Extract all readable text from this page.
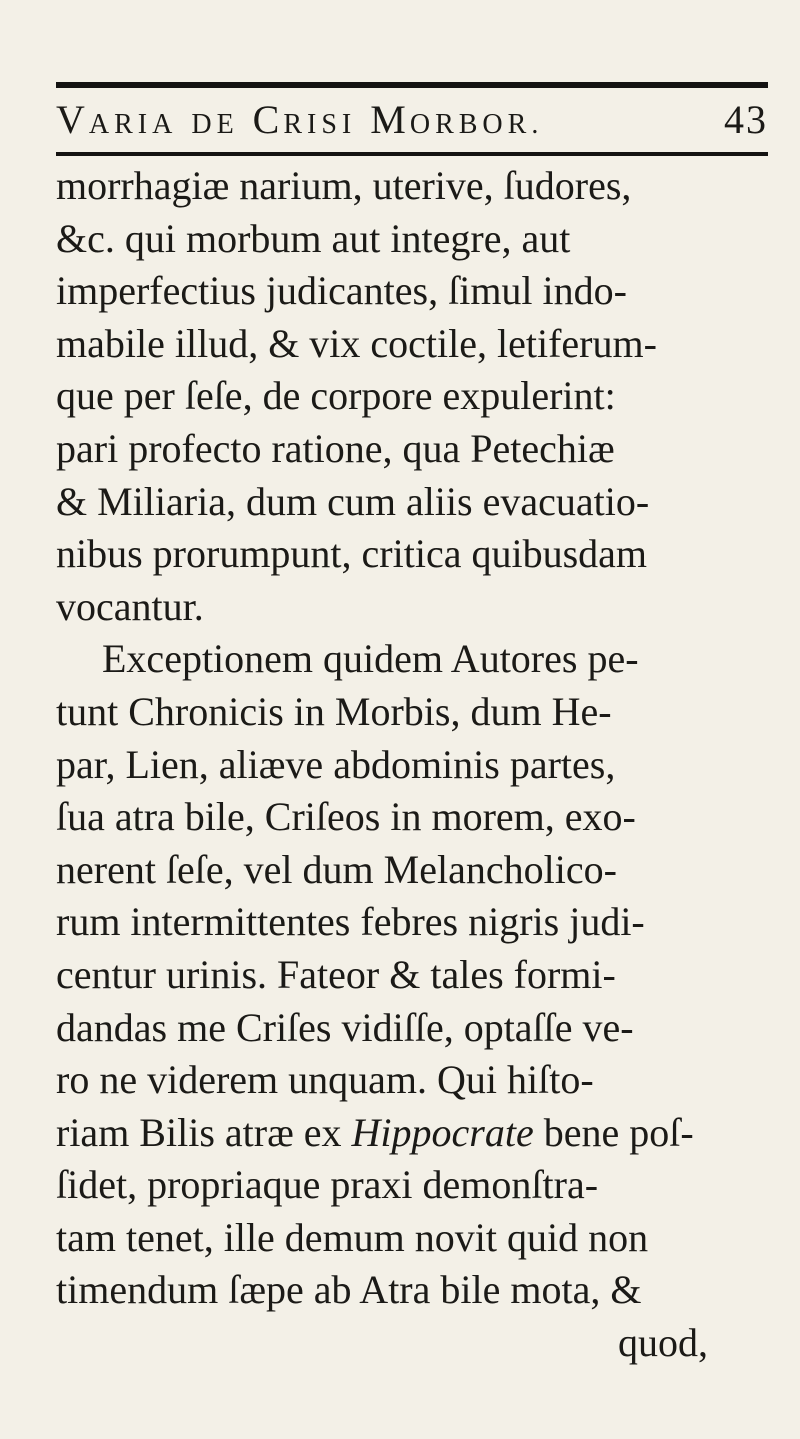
VARIA DE CRISI MORBOR.	43
morrhagiæ narium, uterive, ſudores,
&c. qui morbum aut integre, aut
imperfectius judicantes, ſimul indo-
mabile illud, & vix coctile, letiferum-
que per ſeſe, de corpore expulerint:
pari profecto ratione, qua Petechiæ
& Miliaria, dum cum aliis evacuatio-
nibus prorumpunt, critica quibusdam
vocantur.
Exceptionem quidem Autores pe-
tunt Chronicis in Morbis, dum He-
par, Lien, aliæve abdominis partes,
ſua atra bile, Criſeos in morem, exo-
nerent ſeſe, vel dum Melancholico-
rum intermittentes febres nigris judi-
centur urinis. Fateor & tales formi-
dandas me Criſes vidiſſe, optaſſe ve-
ro ne viderem unquam. Qui hiſto-
riam Bilis atræ ex Hippocrate bene poſ-
ſidet, propriaque praxi demonſtra-
tam tenet, ille demum novit quid non
timendum ſæpe ab Atra bile mota, &
quod,
